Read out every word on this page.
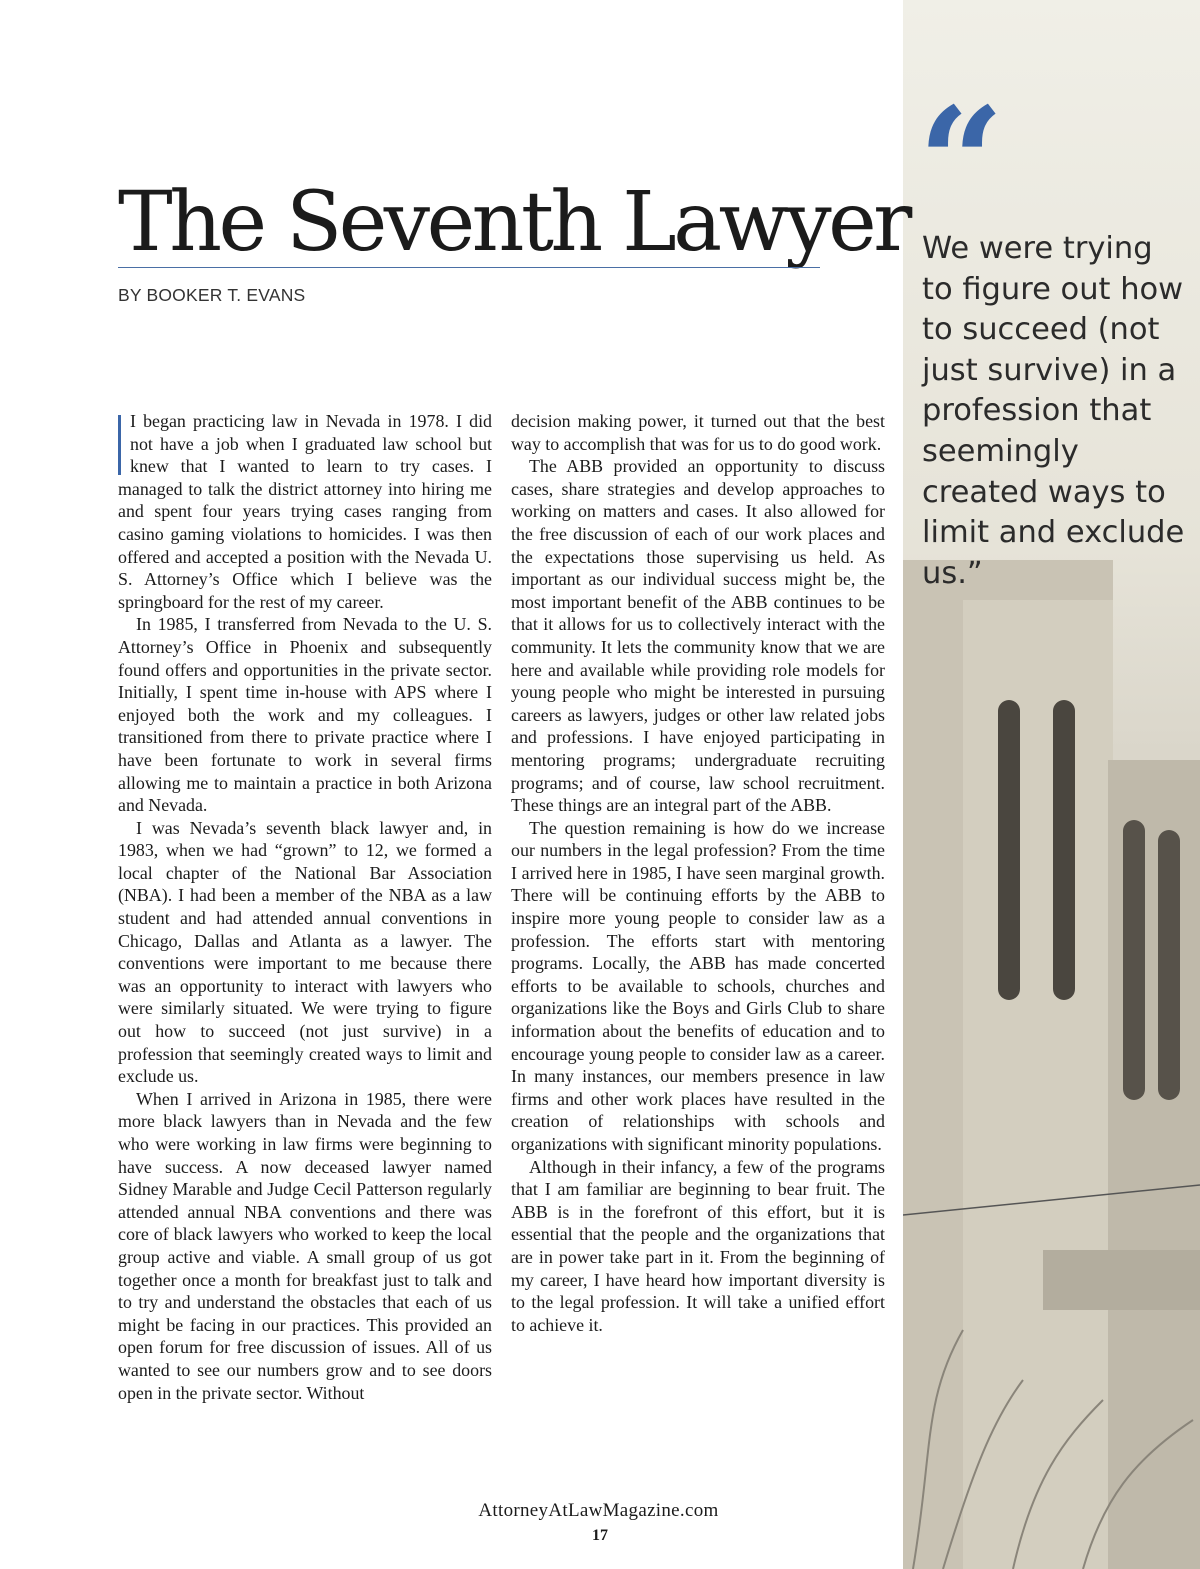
“

We were trying to figure out how to succeed (not just survive) in a profession that seemingly created ways to limit and exclude us.”

The Seventh Lawyer

BY BOOKER T. EVANS

I began practicing law in Nevada in 1978. I did not have a job when I graduated law school but knew that I wanted to learn to try cases. I managed to talk the district attorney into hiring me and spent four years trying cases ranging from casino gaming violations to homicides. I was then offered and accepted a position with the Nevada U. S. Attorney’s Office which I believe was the springboard for the rest of my career.

In 1985, I transferred from Nevada to the U. S. Attorney’s Office in Phoenix and subsequently found offers and opportunities in the private sector. Initially, I spent time in-house with APS where I enjoyed both the work and my colleagues. I transitioned from there to private practice where I have been fortunate to work in several firms allowing me to maintain a practice in both Arizona and Nevada.

I was Nevada’s seventh black lawyer and, in 1983, when we had “grown” to 12, we formed a local chapter of the National Bar Association (NBA). I had been a member of the NBA as a law student and had attended annual conventions in Chicago, Dallas and Atlanta as a lawyer. The conventions were important to me because there was an opportunity to interact with lawyers who were similarly situated. We were trying to figure out how to succeed (not just survive) in a profession that seemingly created ways to limit and exclude us.

When I arrived in Arizona in 1985, there were more black lawyers than in Nevada and the few who were working in law firms were beginning to have success. A now deceased lawyer named Sidney Marable and Judge Cecil Patterson regularly attended annual NBA conventions and there was core of black lawyers who worked to keep the local group active and viable. A small group of us got together once a month for breakfast just to talk and to try and understand the obstacles that each of us might be facing in our practices. This provided an open forum for free discussion of issues. All of us wanted to see our numbers grow and to see doors open in the private sector. Without

decision making power, it turned out that the best way to accomplish that was for us to do good work.

The ABB provided an opportunity to discuss cases, share strategies and develop approaches to working on matters and cases. It also allowed for the free discussion of each of our work places and the expectations those supervising us held. As important as our individual success might be, the most important benefit of the ABB continues to be that it allows for us to collectively interact with the community. It lets the community know that we are here and available while providing role models for young people who might be interested in pursuing careers as lawyers, judges or other law related jobs and professions. I have enjoyed participating in mentoring programs; undergraduate recruiting programs; and of course, law school recruitment. These things are an integral part of the ABB.

The question remaining is how do we increase our numbers in the legal profession? From the time I arrived here in 1985, I have seen marginal growth. There will be continuing efforts by the ABB to inspire more young people to consider law as a profession. The efforts start with mentoring programs. Locally, the ABB has made concerted efforts to be available to schools, churches and organizations like the Boys and Girls Club to share information about the benefits of education and to encourage young people to consider law as a career. In many instances, our members presence in law firms and other work places have resulted in the creation of relationships with schools and organizations with significant minority populations.

Although in their infancy, a few of the programs that I am familiar are beginning to bear fruit. The ABB is in the forefront of this effort, but it is essential that the people and the organizations that are in power take part in it. From the beginning of my career, I have heard how important diversity is to the legal profession. It will take a unified effort to achieve it.

AttorneyAtLawMagazine.com
17
